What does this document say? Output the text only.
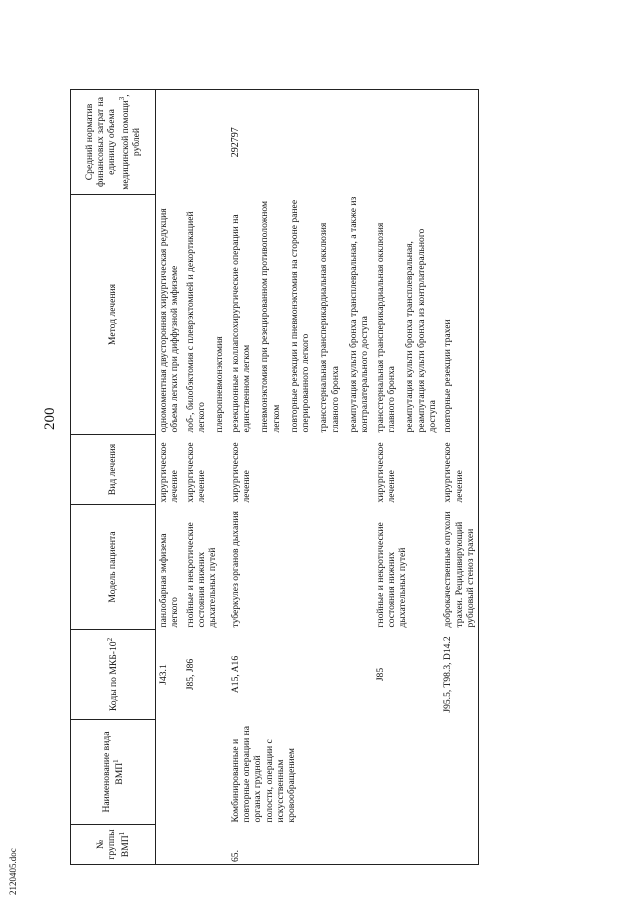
200
№ группы ВМП$^1$	Наименование вида ВМП$^1$	Коды по МКБ-$10^2$	Модель пациента	Вид лечения	Метод лечения	Средний норматив финансовых затрат на единицу объема медицинской помощи$^3$, рублей
		J43.1	панлобарная эмфизема легкого	хирургическое лечение	одномоментная двусторонняя хирургическая редукция объема легких при диффузной эмфиземе	

		J85, J86	гнойные и некротические состояния нижних дыхательных путей	хирургическое лечение	лоб-, билобэктомия с плеврэктомией и декортикацией легкого плевропневмонэктомия	

65.	Комбинированные и повторные операции на органах грудной полости, операции с искусственным кровообращением	A15, A16	туберкулез органов дыхания	хирургическое лечение	резекционные и коллапсохирургические операции на единственном легком пневмонэктомия при резецированном противоположном легком повторные резекции и пневмонэктомия на стороне ранее оперированного легкого трансстернальная трансперикардиальная окклюзия главного бронха реампутация культи бронха трансплевральная, а также из контралатерального доступа	292797
		J85	гнойные и некротические состояния нижних дыхательных путей	хирургическое лечение	трансстернальная трансперикардиальная окклюзия главного бронха реампутация культи бронха трансплевральная, реампутация культи бронха из контрлатерального доступа	

		J95.5, T98.3, D14.2	доброкачественные опухоли трахеи. Рецидивирующий рубцовый стеноз трахеи	хирургическое лечение	повторные резекции трахеи	

2120405.doc
